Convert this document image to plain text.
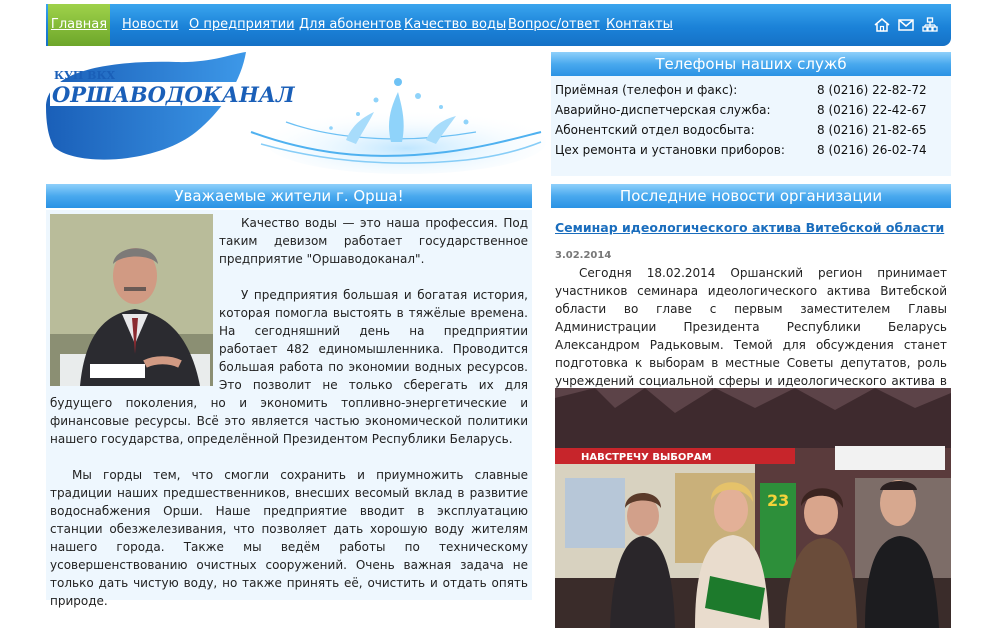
Главная Новости О предприятии Для абонентов Качество воды Вопрос/ответ Контакты
КУП ВКХ
ОРШАВОДОКАНАЛ
Телефоны наших служб
Приёмная (телефон и факс):	8 (0216) 22-82-72
Аварийно-диспетчерская служба:	8 (0216) 22-42-67
Абонентский отдел водосбыта:	8 (0216) 21-82-65
Цех ремонта и установки приборов:	8 (0216) 26-02-74
Уважаемые жители г. Орша!

Качество воды — это наша профессия. Под таким девизом работает государственное предприятие "Оршаводоканал".

У предприятия большая и богатая история, которая помогла выстоять в тяжёлые времена. На сегодняшний день на предприятии работает 482 единомышленника. Проводится большая работа по экономии водных ресурсов. Это позволит не только сберегать их для будущего поколения, но и экономить топливно-энергетические и финансовые ресурсы. Всё это является частью экономической политики нашего государства, определённой Президентом Республики Беларусь.

Мы горды тем, что смогли сохранить и приумножить славные традиции наших предшественников, внесших весомый вклад в развитие водоснабжения Орши. Наше предприятие вводит в эксплуатацию станции обезжелезивания, что позволяет дать хорошую воду жителям нашего города. Также мы ведём работы по техническому усовершенствованию очистных сооружений. Очень важная задача не только дать чистую воду, но также принять её, очистить и отдать опять природе.

Последние новости организации
Семинар идеологического актива Витебской области
3.02.2014
Сегодня 18.02.2014 Оршанский регион принимает участников семинара идеологического актива Витебской области во главе с первым заместителем Главы Администрации Президента Республики Беларусь Александром Радьковым. Темой для обсуждения станет подготовка к выборам в местные Советы депутатов, роль учреждений социальной сферы и идеологического актива в
НАВСТРЕЧУ ВЫБОРАМ
23
